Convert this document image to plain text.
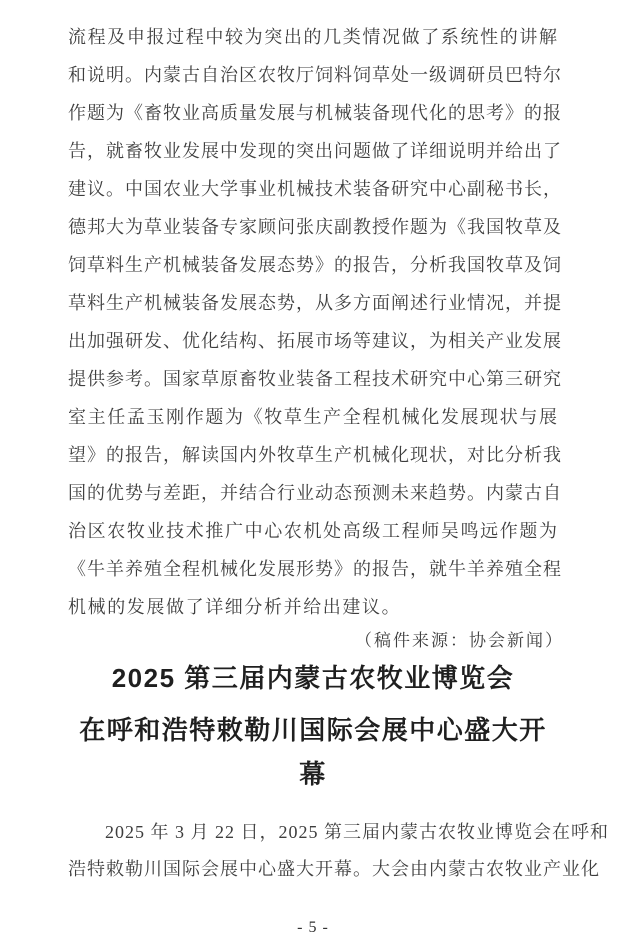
流程及申报过程中较为突出的几类情况做了系统性的讲解
和说明。内蒙古自治区农牧厅饲料饲草处一级调研员巴特尔
作题为《畜牧业高质量发展与机械装备现代化的思考》的报
告，就畜牧业发展中发现的突出问题做了详细说明并给出了
建议。中国农业大学事业机械技术装备研究中心副秘书长，
德邦大为草业装备专家顾问张庆副教授作题为《我国牧草及
饲草料生产机械装备发展态势》的报告，分析我国牧草及饲
草料生产机械装备发展态势，从多方面阐述行业情况，并提
出加强研发、优化结构、拓展市场等建议，为相关产业发展
提供参考。国家草原畜牧业装备工程技术研究中心第三研究
室主任孟玉刚作题为《牧草生产全程机械化发展现状与展
望》的报告，解读国内外牧草生产机械化现状，对比分析我
国的优势与差距，并结合行业动态预测未来趋势。内蒙古自
治区农牧业技术推广中心农机处高级工程师吴鸣远作题为
《牛羊养殖全程机械化发展形势》的报告，就牛羊养殖全程
机械的发展做了详细分析并给出建议。
（稿件来源：协会新闻）
2025 第三届内蒙古农牧业博览会
在呼和浩特敕勒川国际会展中心盛大开幕
2025 年 3 月 22 日，2025 第三届内蒙古农牧业博览会在呼和
浩特敕勒川国际会展中心盛大开幕。大会由内蒙古农牧业产业化
- 5 -
